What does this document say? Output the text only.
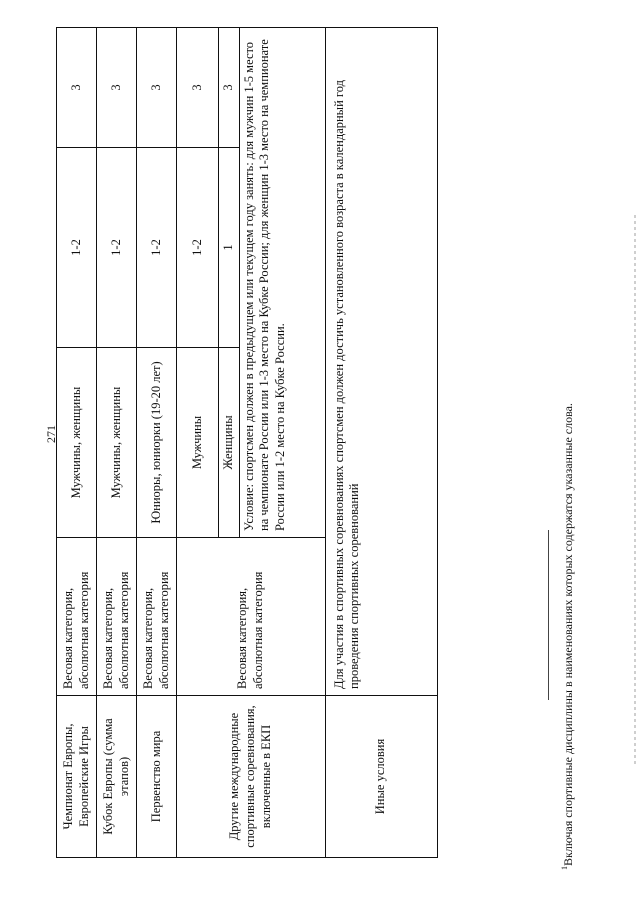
271
Чемпионат Европы, Европейские Игры	Весовая категория, абсолютная категория	Мужчины, женщины	1-2	3
Кубок Европы (сумма этапов)	Весовая категория, абсолютная категория	Мужчины, женщины	1-2	3
Первенство мира	Весовая категория, абсолютная категория	Юниоры, юниорки (19-20 лет)	1-2	3
Другие международные спортивные соревнования, включенные в ЕКП	Весовая категория, абсолютная категория	Мужчины	1-2	3
		Женщины	1	3
		Условие: спортсмен должен в предыдущем или текущем году занять: для мужчин 1-5 место на чемпионате России или 1-3 место на Кубке России; для женщин 1-3 место на чемпионате России или 1-2 место на Кубке России.		
Иные условия	Для участия в спортивных соревнованиях спортсмен должен достичь установленного возраста в календарный год проведения спортивных соревнований			
$^1$Включая спортивные дисциплины в наименованиях которых содержатся указанные слова.
